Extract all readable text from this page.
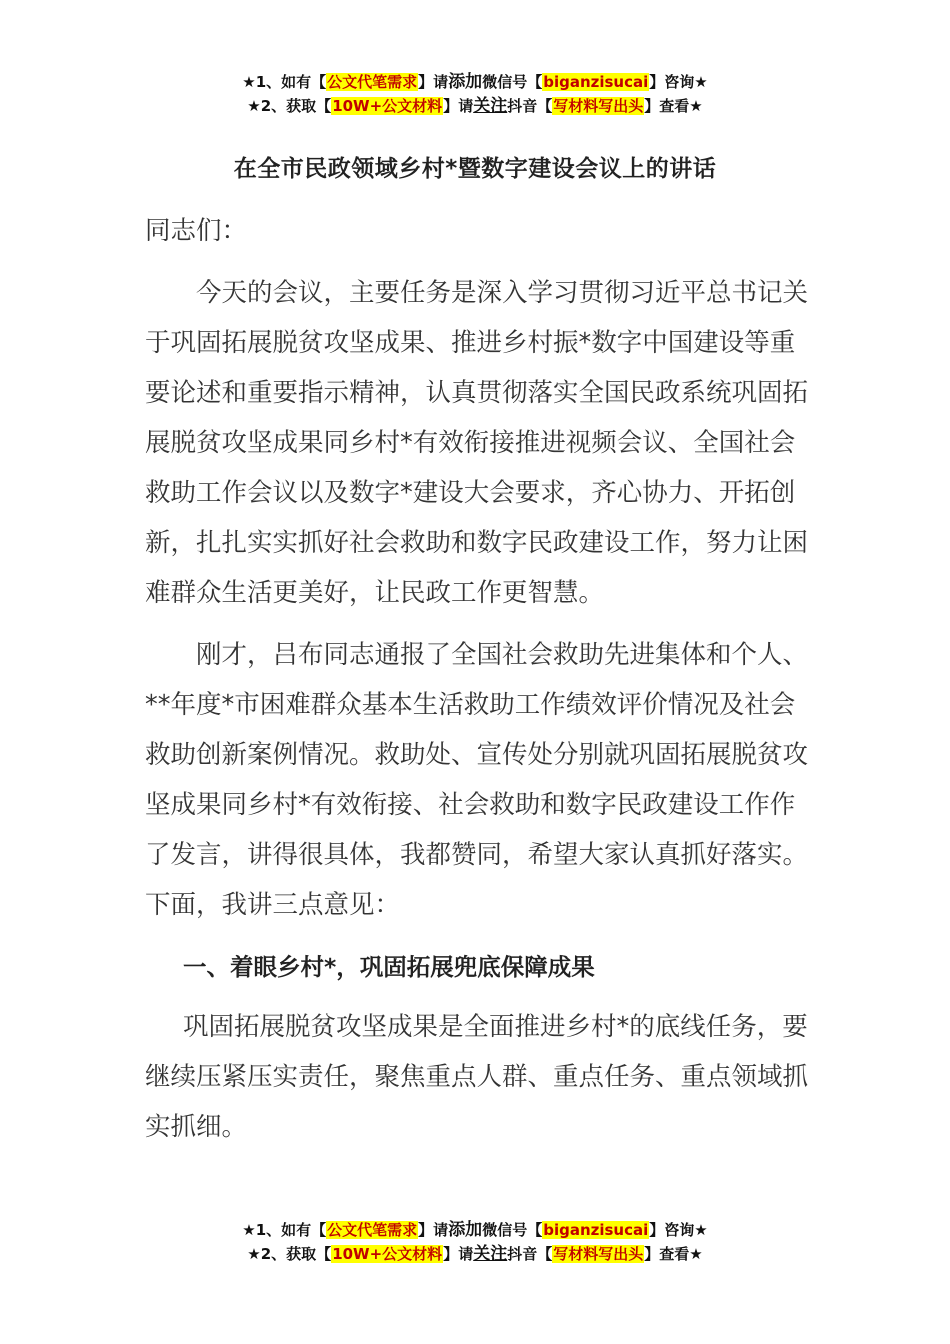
★1、如有【公文代笔需求】请添加微信号【biganzisucai】咨询★
★2、获取【10W+公文材料】请关注抖音【写材料写出头】查看★
在全市民政领域乡村*暨数字建设会议上的讲话

同志们：

今天的会议，主要任务是深入学习贯彻习近平总书记关于巩固拓展脱贫攻坚成果、推进乡村振*数字中国建设等重要论述和重要指示精神，认真贯彻落实全国民政系统巩固拓展脱贫攻坚成果同乡村*有效衔接推进视频会议、全国社会救助工作会议以及数字*建设大会要求，齐心协力、开拓创新，扎扎实实抓好社会救助和数字民政建设工作，努力让困难群众生活更美好，让民政工作更智慧。

刚才，吕布同志通报了全国社会救助先进集体和个人、**年度*市困难群众基本生活救助工作绩效评价情况及社会救助创新案例情况。救助处、宣传处分别就巩固拓展脱贫攻坚成果同乡村*有效衔接、社会救助和数字民政建设工作作了发言，讲得很具体，我都赞同，希望大家认真抓好落实。下面，我讲三点意见：

一、着眼乡村*，巩固拓展兜底保障成果

巩固拓展脱贫攻坚成果是全面推进乡村*的底线任务，要继续压紧压实责任，聚焦重点人群、重点任务、重点领域抓实抓细。

★1、如有【公文代笔需求】请添加微信号【biganzisucai】咨询★
★2、获取【10W+公文材料】请关注抖音【写材料写出头】查看★
